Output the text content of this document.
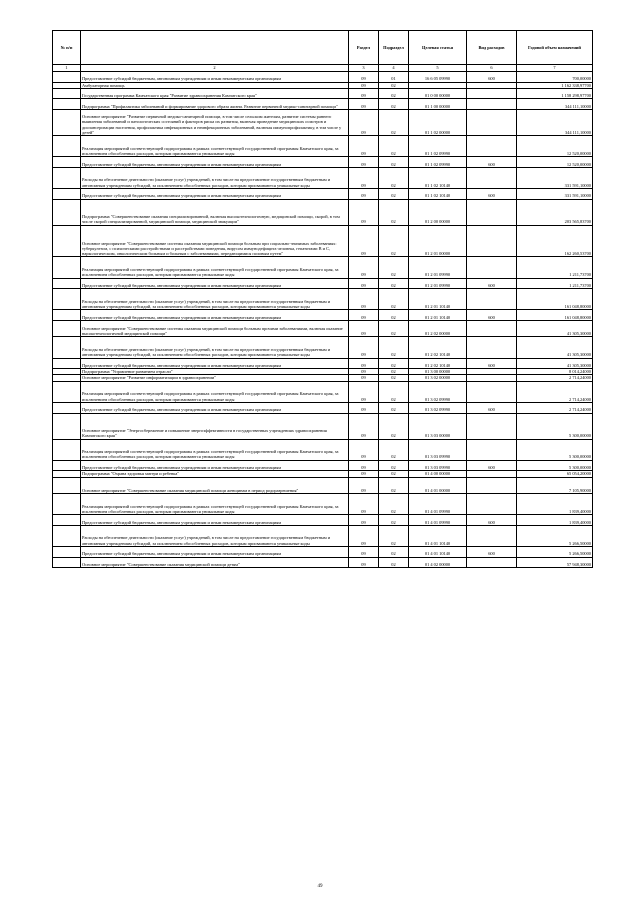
№ п/п		Раздел	Подраздел	Целевая статья	Вид расходов	Годовой объем назначений
1	2	3	4	5	6	7
	Предоставление субсидий бюджетным, автономным учреждениям и иным некоммерческим организациям	09	01	16 6 05 09990	600	700,00000
	Амбулаторная помощь	09	02			1 162 338,97700
	Государственная программа Камчатского края "Развитие здравоохранения Камчатского края"	09	02	01 0 00 00000		1 158 298,97700
	Подпрограмма "Профилактика заболеваний и формирование здорового образа жизни. Развитие первичной медико-санитарной помощи"	09	02	01 1 00 00000		344 111,10000
	Основное мероприятие "Развитие первичной медико-санитарной помощи, в том числе сельским жителям, развитие системы раннего выявления заболеваний и патологических состояний и факторов риска их развития, включая проведение медицинских осмотров и диспансеризации населения, профилактика инфекционных и неинфекционных заболеваний, включая иммунопрофилактику, в том числе у детей"	09	02	01 1 02 00000		344 111,10000
	Реализация мероприятий соответствующей подпрограммы в рамках соответствующей государственной программы Камчатского края, за исключением обособленных расходов, которым присваиваются уникальные коды	09	02	01 1 02 09990		12 520,00000
	Предоставление субсидий бюджетным, автономным учреждениям и иным некоммерческим организациям	09	02	01 1 02 09990	600	12 520,00000
	Расходы на обеспечение деятельности (оказание услуг) учреждений, в том числе на предоставление государственным бюджетным и автономным учреждениям субсидий, за исключением обособленных расходов, которым присваиваются уникальные коды	09	02	01 1 02 10140		331 591,10000
	Предоставление субсидий бюджетным, автономным учреждениям и иным некоммерческим организациям	09	02	01 1 02 10140	600	331 591,10000
	Подпрограмма "Совершенствование оказания специализированной, включая высокотехнологичную, медицинской помощи, скорой, в том числе скорой специализированной, медицинской помощи, медицинской эвакуации"	09	02	01 2 00 00000		203 565,83700
	Основное мероприятие "Совершенствование системы оказания медицинской помощи больным при социально-значимых заболеваниях: туберкулезом, с психическими расстройствами и расстройствами поведения, вирусом иммунодефицита человека, гепатитами В и С, наркологическим, онкологическим больным и больным с заболеваниями, передающимися половым путем"	09	02	01 2 01 00000		162 260,53700
	Реализация мероприятий соответствующей подпрограммы в рамках соответствующей государственной программы Камчатского края, за исключением обособленных расходов, которым присваиваются уникальные коды	09	02	01 2 01 09990		1 211,73700
	Предоставление субсидий бюджетным, автономным учреждениям и иным некоммерческим организациям	09	02	01 2 01 09990	600	1 211,73700
	Расходы на обеспечение деятельности (оказание услуг) учреждений, в том числе на предоставление государственным бюджетным и автономным учреждениям субсидий, за исключением обособленных расходов, которым присваиваются уникальные коды	09	02	01 2 01 10140		161 048,80000
	Предоставление субсидий бюджетным, автономным учреждениям и иным некоммерческим организациям	09	02	01 2 01 10140	600	161 048,80000
	Основное мероприятие "Совершенствование системы оказания медицинской помощи больным прочими заболеваниями, включая оказание высокотехнологичной медицинской помощи"	09	02	01 2 02 00000		41 305,30000
	Расходы на обеспечение деятельности (оказание услуг) учреждений, в том числе на предоставление государственным бюджетным и автономным учреждениям субсидий, за исключением обособленных расходов, которым присваиваются уникальные коды	09	02	01 2 02 10140		41 305,30000
	Предоставление субсидий бюджетным, автономным учреждениям и иным некоммерческим организациям	09	02	01 2 02 10140	600	41 305,30000
	Подпрограмма "Управление развитием отрасли"	09	02	01 3 00 00000		8 014,24000
	Основное мероприятие "Развитие информатизации в здравоохранении"	09	02	01 3 02 00000		2 714,24000
	Реализация мероприятий соответствующей подпрограммы в рамках соответствующей государственной программы Камчатского края, за исключением обособленных расходов, которым присваиваются уникальные коды	09	02	01 3 02 09990		2 714,24000
	Предоставление субсидий бюджетным, автономным учреждениям и иным некоммерческим организациям	09	02	01 3 02 09990	600	2 714,24000
	Основное мероприятие "Энергосбережение и повышение энергоэффективности в государственных учреждениях здравоохранения Камчатского края"	09	02	01 3 03 00000		5 300,00000
	Реализация мероприятий соответствующей подпрограммы в рамках соответствующей государственной программы Камчатского края, за исключением обособленных расходов, которым присваиваются уникальные коды	09	02	01 3 03 09990		5 300,00000
	Предоставление субсидий бюджетным, автономным учреждениям и иным некоммерческим организациям	09	02	01 3 03 09990	600	5 300,00000
	Подпрограмма "Охрана здоровья матери и ребенка"	09	02	01 4 00 00000		65 054,20000
	Основное мероприятие "Совершенствование оказания медицинской помощи женщинам в период родоразрешения"	09	02	01 4 01 00000		7 105,90000
	Реализация мероприятий соответствующей подпрограммы в рамках соответствующей государственной программы Камчатского края, за исключением обособленных расходов, которым присваиваются уникальные коды	09	02	01 4 01 09990		1 839,40000
	Предоставление субсидий бюджетным, автономным учреждениям и иным некоммерческим организациям	09	02	01 4 01 09990	600	1 839,40000
	Расходы на обеспечение деятельности (оказание услуг) учреждений, в том числе на предоставление государственным бюджетным и автономным учреждениям субсидий, за исключением обособленных расходов, которым присваиваются уникальные коды	09	02	01 4 01 10140		5 266,50000
	Предоставление субсидий бюджетным, автономным учреждениям и иным некоммерческим организациям	09	02	01 4 01 10140	600	5 266,50000
	Основное мероприятие "Совершенствование оказания медицинской помощи детям"	09	02	01 4 02 00000		57 948,30000
49
